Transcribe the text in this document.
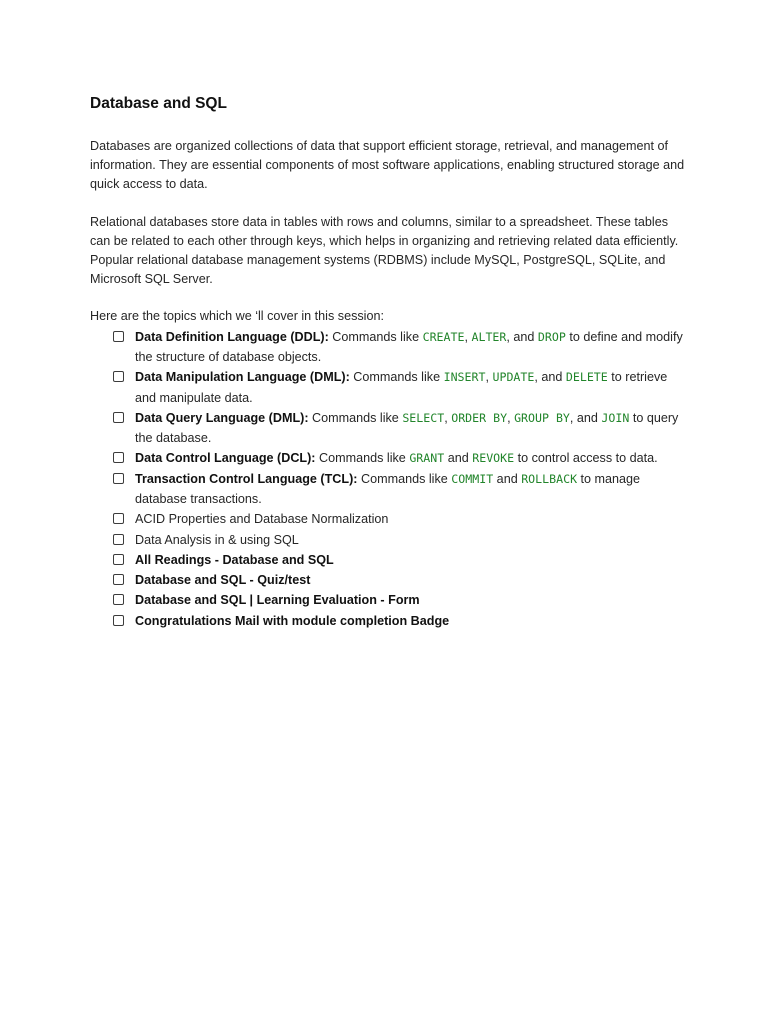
Database and SQL

Databases are organized collections of data that support efficient storage, retrieval, and management of information. They are essential components of most software applications, enabling structured storage and quick access to data.

Relational databases store data in tables with rows and columns, similar to a spreadsheet. These tables can be related to each other through keys, which helps in organizing and retrieving related data efficiently. Popular relational database management systems (RDBMS) include MySQL, PostgreSQL, SQLite, and Microsoft SQL Server.

Here are the topics which we ‘ll cover in this session:

Data Definition Language (DDL): Commands like CREATE, ALTER, and DROP to define and modify the structure of database objects.
Data Manipulation Language (DML): Commands like INSERT, UPDATE, and DELETE to retrieve and manipulate data.
Data Query Language (DML): Commands like SELECT, ORDER BY, GROUP BY, and JOIN to query the database.
Data Control Language (DCL): Commands like GRANT and REVOKE to control access to data.
Transaction Control Language (TCL): Commands like COMMIT and ROLLBACK to manage database transactions.
ACID Properties and Database Normalization
Data Analysis in & using SQL
All Readings - Database and SQL
Database and SQL - Quiz/test
Database and SQL | Learning Evaluation - Form
Congratulations Mail with module completion Badge
